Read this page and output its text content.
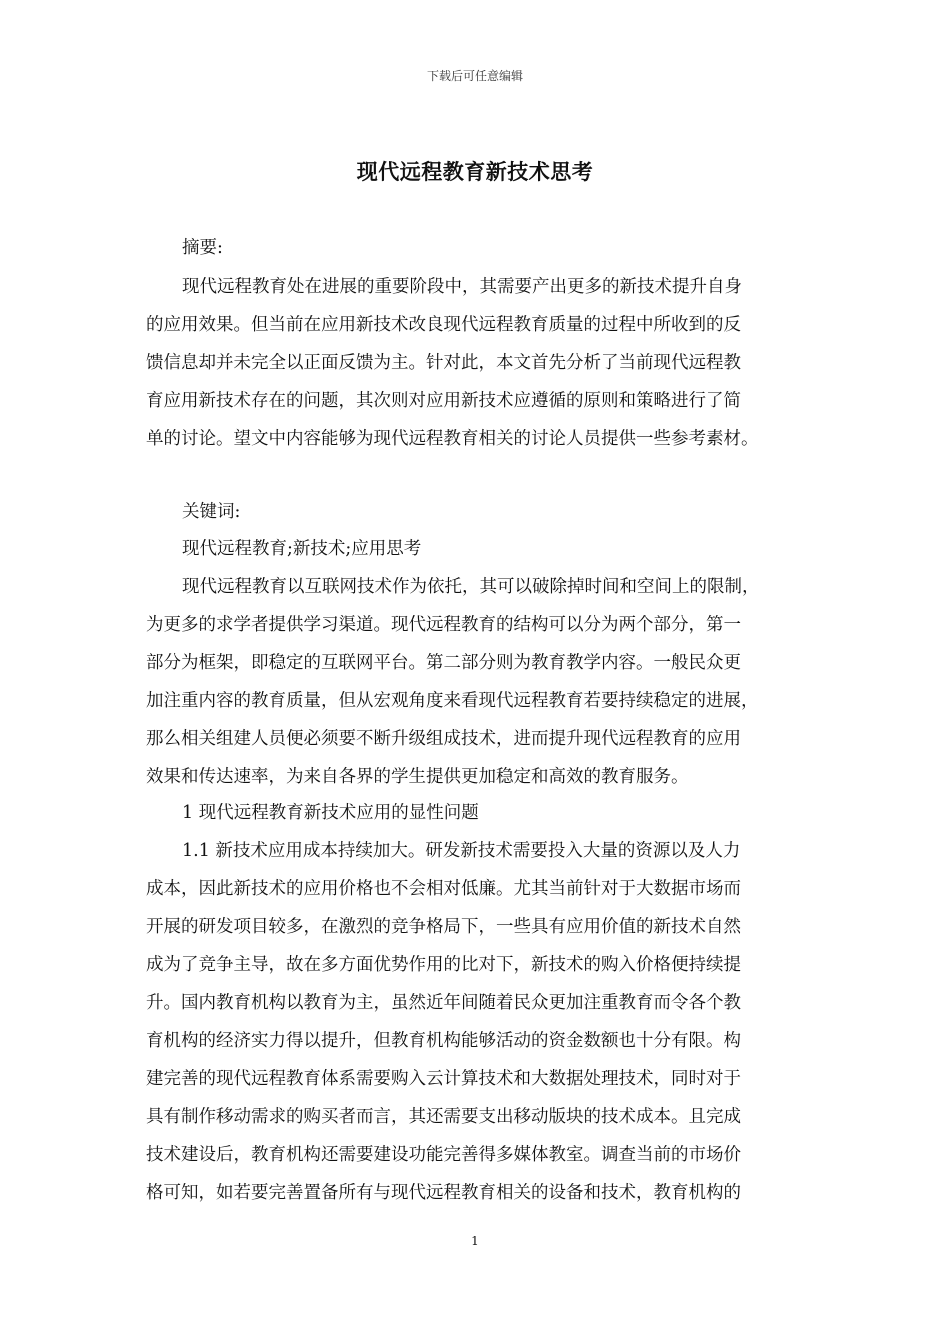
下载后可任意编辑
现代远程教育新技术思考
摘要:
现代远程教育处在进展的重要阶段中，其需要产出更多的新技术提升自身
的应用效果。但当前在应用新技术改良现代远程教育质量的过程中所收到的反
馈信息却并未完全以正面反馈为主。针对此，本文首先分析了当前现代远程教
育应用新技术存在的问题，其次则对应用新技术应遵循的原则和策略进行了简
单的讨论。望文中内容能够为现代远程教育相关的讨论人员提供一些参考素材。
关键词:
现代远程教育;新技术;应用思考
现代远程教育以互联网技术作为依托，其可以破除掉时间和空间上的限制，
为更多的求学者提供学习渠道。现代远程教育的结构可以分为两个部分，第一
部分为框架，即稳定的互联网平台。第二部分则为教育教学内容。一般民众更
加注重内容的教育质量，但从宏观角度来看现代远程教育若要持续稳定的进展，
那么相关组建人员便必须要不断升级组成技术，进而提升现代远程教育的应用
效果和传达速率，为来自各界的学生提供更加稳定和高效的教育服务。
1 现代远程教育新技术应用的显性问题
1.1 新技术应用成本持续加大。研发新技术需要投入大量的资源以及人力
成本，因此新技术的应用价格也不会相对低廉。尤其当前针对于大数据市场而
开展的研发项目较多，在激烈的竞争格局下，一些具有应用价值的新技术自然
成为了竞争主导，故在多方面优势作用的比对下，新技术的购入价格便持续提
升。国内教育机构以教育为主，虽然近年间随着民众更加注重教育而令各个教
育机构的经济实力得以提升，但教育机构能够活动的资金数额也十分有限。构
建完善的现代远程教育体系需要购入云计算技术和大数据处理技术，同时对于
具有制作移动需求的购买者而言，其还需要支出移动版块的技术成本。且完成
技术建设后，教育机构还需要建设功能完善得多媒体教室。调查当前的市场价
格可知，如若要完善置备所有与现代远程教育相关的设备和技术，教育机构的
1
